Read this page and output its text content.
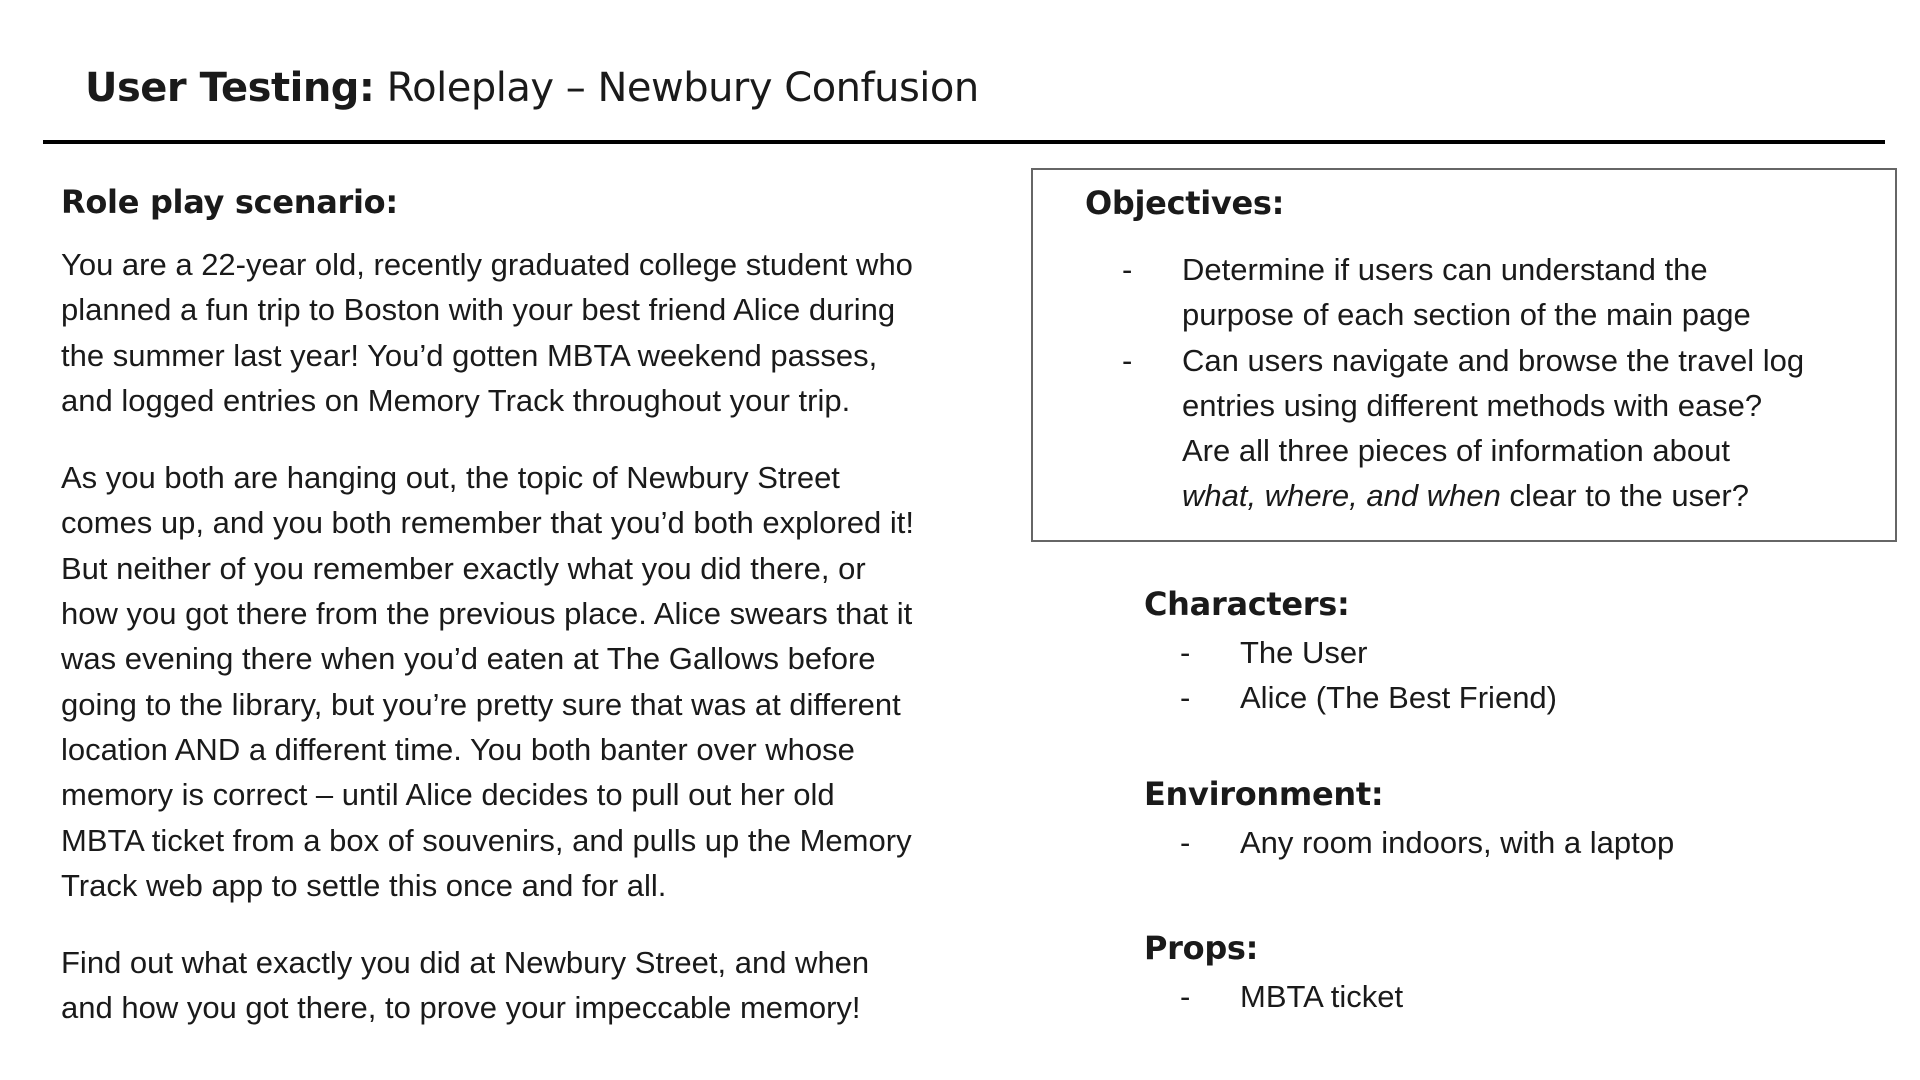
User Testing: Roleplay – Newbury Confusion
Role play scenario:

You are a 22-year old, recently graduated college student who
planned a fun trip to Boston with your best friend Alice during
the summer last year! You’d gotten MBTA weekend passes,
and logged entries on Memory Track throughout your trip.

As you both are hanging out, the topic of Newbury Street
comes up, and you both remember that you’d both explored it!
But neither of you remember exactly what you did there, or
how you got there from the previous place. Alice swears that it
was evening there when you’d eaten at The Gallows before
going to the library, but you’re pretty sure that was at different
location AND a different time. You both banter over whose
memory is correct – until Alice decides to pull out her old
MBTA ticket from a box of souvenirs, and pulls up the Memory
Track web app to settle this once and for all.

Find out what exactly you did at Newbury Street, and when
and how you got there, to prove your impeccable memory!

Objectives:
- Determine if users can understand the
purpose of each section of the main page
- Can users navigate and browse the travel log
entries using different methods with ease?
Are all three pieces of information about
what, where, and when clear to the user?
Characters:
- The User
- Alice (The Best Friend)
Environment:
- Any room indoors, with a laptop
Props:
- MBTA ticket
